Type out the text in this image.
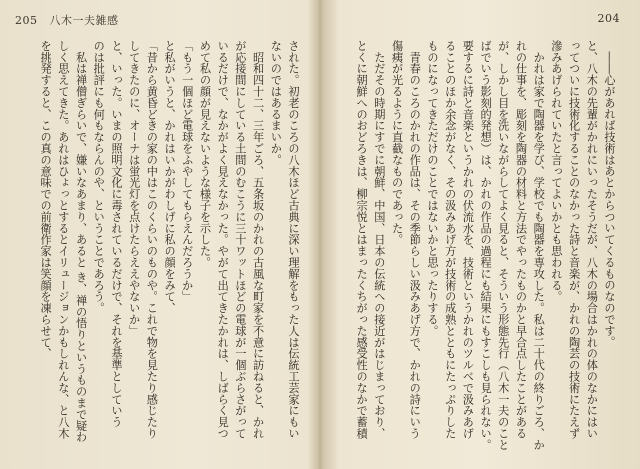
205 八木一夫雑感
された。初老のころの八木ほど古典に深い理解をもった人は伝統工芸家にもい
ないのではあるまいか。
　昭和四十二、三年ごろ、五条坂のかれの古風な町家を不意に訪ねると、かれ
が応接間にしている土間のむこうに三十ワットほどの電球が一個ぶらさがって
いるだけで、なかがよく見えなかった。やがて出てきたかれは、しばらく見つ
めて私の顔が見えないような様子を示した。
「もう一個ほど電球をふやしてもらえんだろうか」
と私がいうと、かれはいかがわしげに私の顔をみて、
「昔から黄昏どきの家の中はこのくらいのものや。これで物を見たり感じたり
してきたのに、オーナは蛍光灯を点けたらええやないか」
と、いった。いまの照明文化に毒されているだけで、それを基準としていう
のは批評にも何もならんのや、ということであろう。
　私は禅僧ぎらいで、嫌いなあまり、あると き、禅の悟りというものまで疑わ
しく思えてきた。あれはひょっとするとイリュージョンかもしれんな、と八木
を挑発すると、この真の意味での前衛作家は笑顔を凍らせて、
204
　――心があれば技術はあとからついてくるものなのです。
と、八木の先輩がかれにいったそうだが、八木の場合はかれの体のなかにはい
ってついに技術化することのなかった詩と音楽が、かれの陶芸の技術にたえず
滲みあげられていたと言ってよいかとも思われる。
　かれは家で陶器を学び、学校でも陶器を専攻した。私は二十代の終りごろ、か
れの仕事を、彫刻を陶器の材料と方法でやったものかと早合点したことがある
が、しかし目を洗いながらしてよく見ると、そういう形態先行（八木一夫のこと
ばでいう影刻的発想）は、かれの作品の過程にも結果にもすこしも見られない。
要するに詩と音楽というかれの伏流水を、技術というかれのツルベで汲みあげ
ることのほか余念がなく、その汲みあげ方が技術の成熟とともにたっぷりした
ものになってきただけのことではないかと思ったりする。
　青春のころのかれの作品は、その季節らしい汲みあげ方で、かれの詩にいう
傷痍が光るように直截なものであった。
　ただその時期にすでに朝鮮、中国、日本の伝統への接近がはじまっており、
とくに朝鮮へのおどろきは、柳宗悦とはまったくちがった感受性のなかで蓄積
